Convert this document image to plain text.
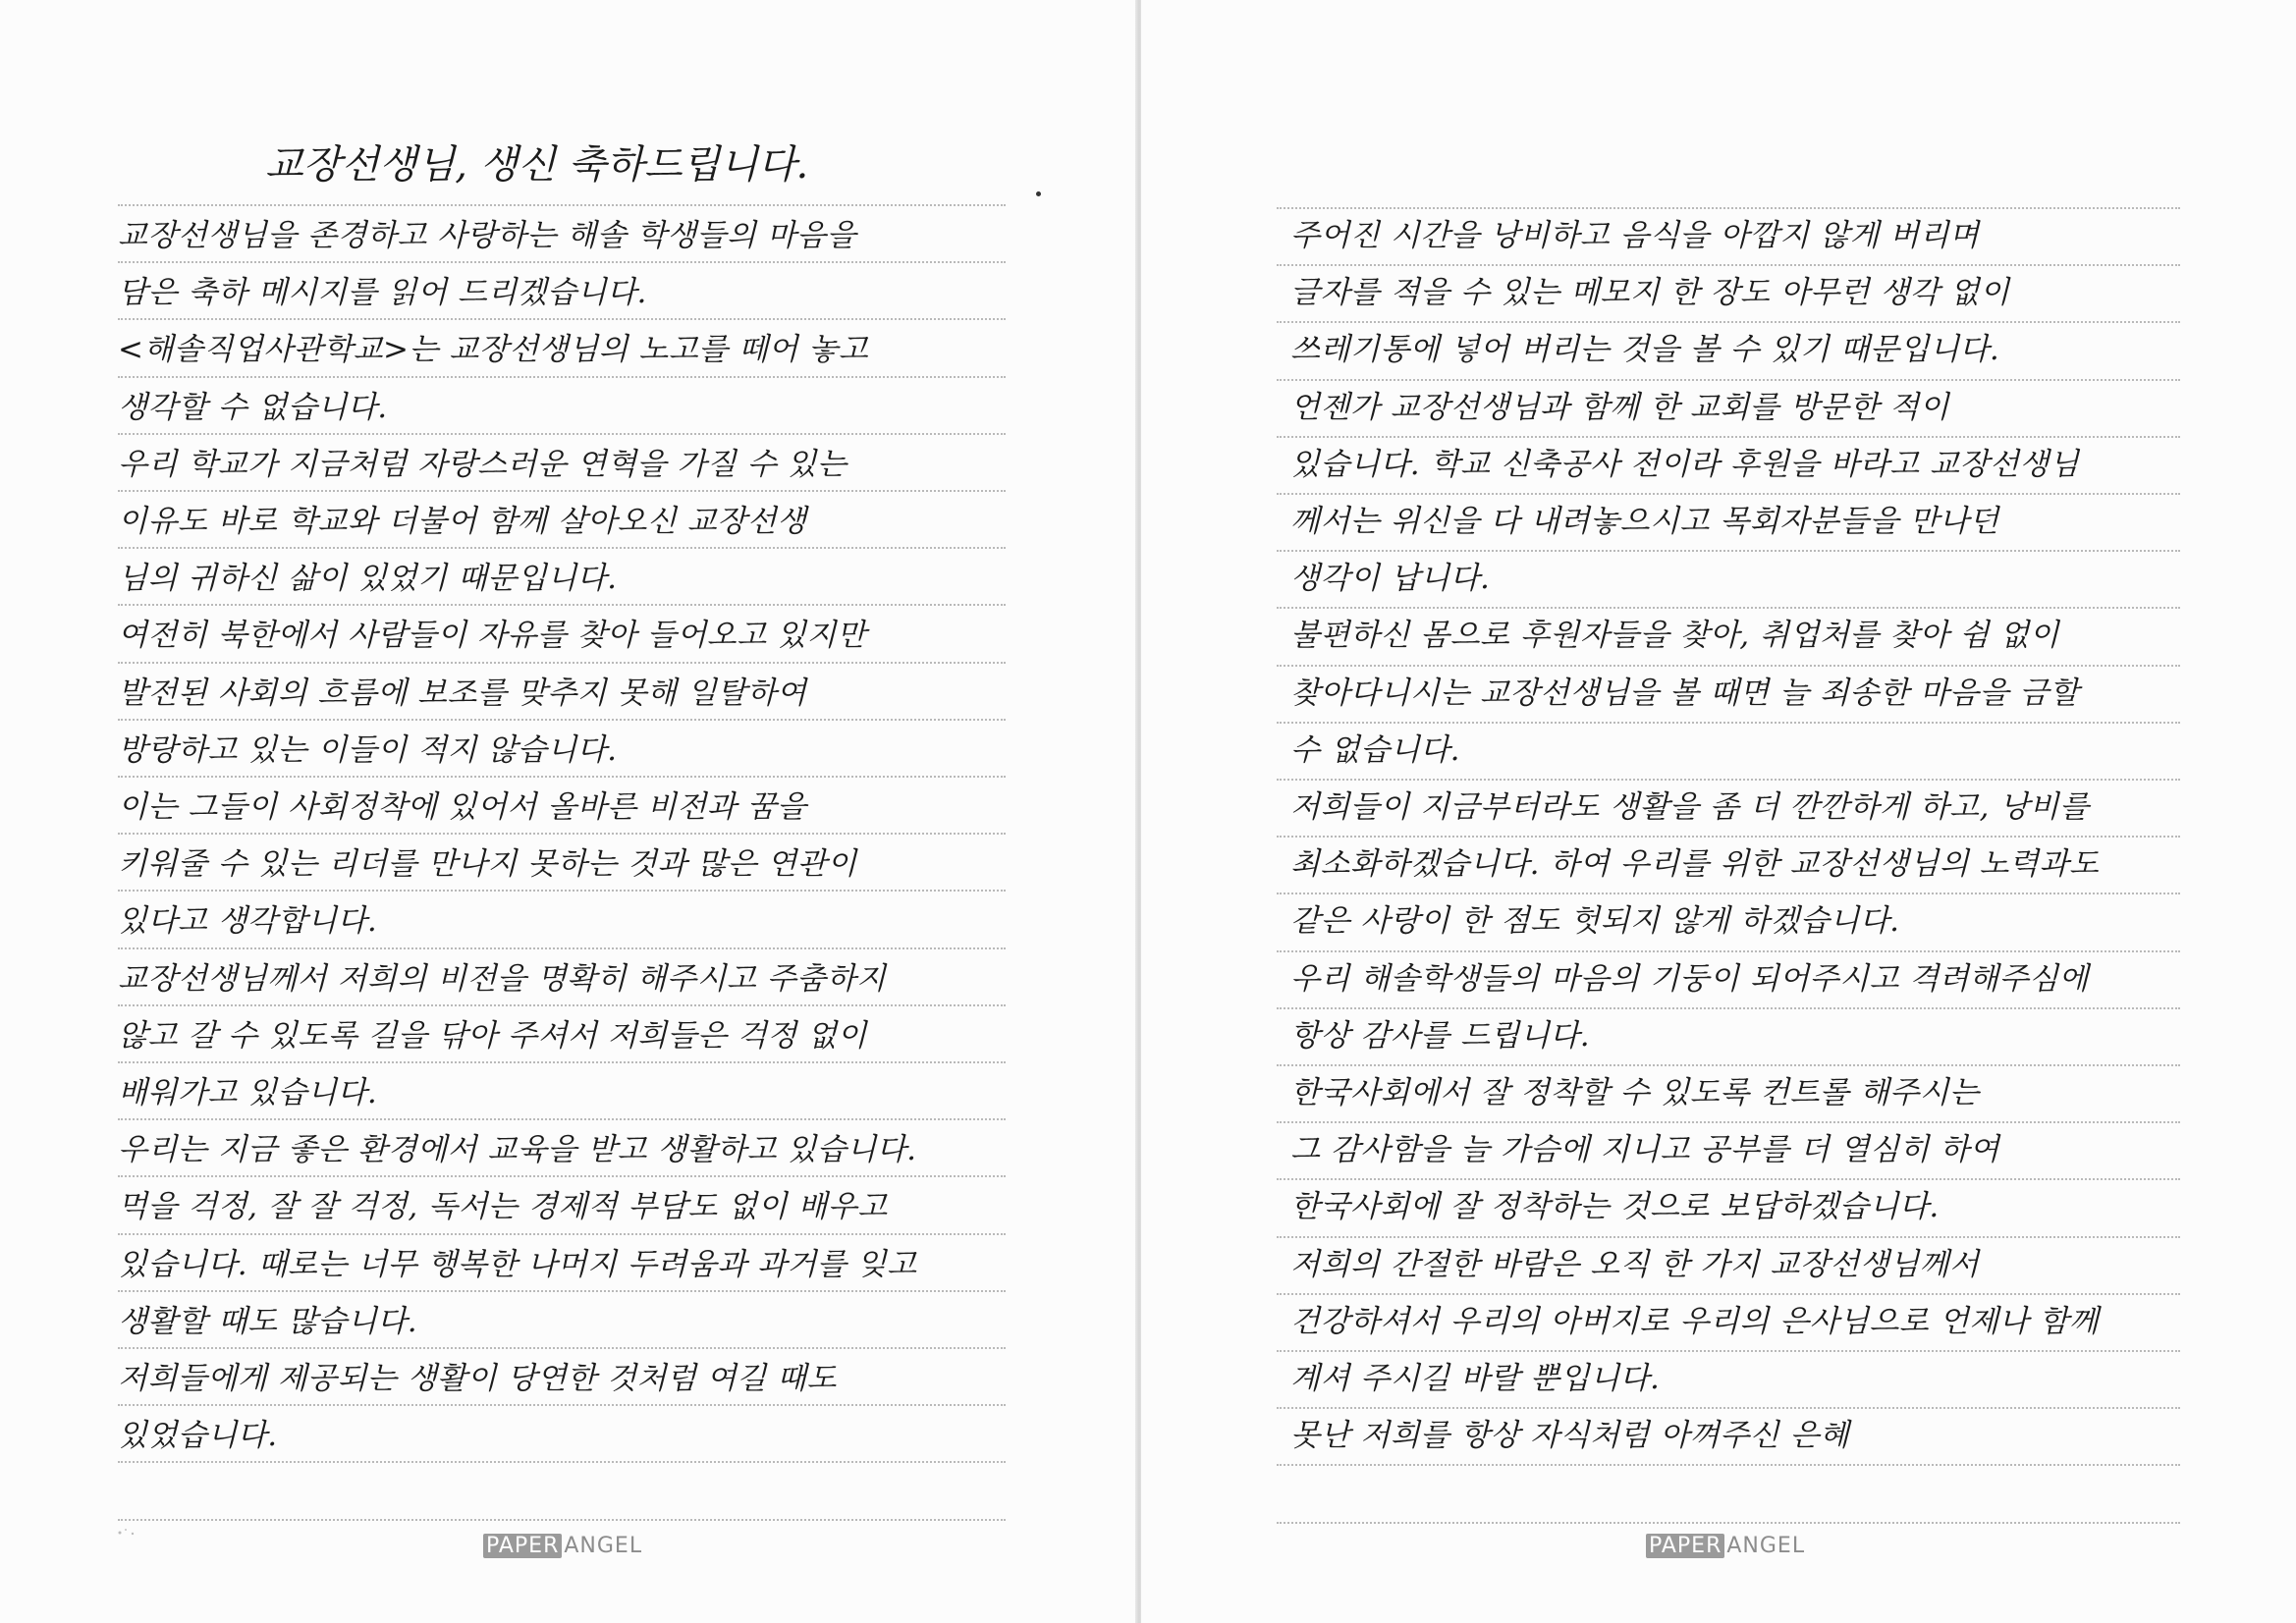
교장선생님, 생신 축하드립니다.
교장선생님을 존경하고 사랑하는 해솔 학생들의 마음을
담은 축하 메시지를 읽어 드리겠습니다.
<해솔직업사관학교>는 교장선생님의 노고를 떼어 놓고
생각할 수 없습니다.
우리 학교가 지금처럼 자랑스러운 연혁을 가질 수 있는
이유도 바로 학교와 더불어 함께 살아오신 교장선생
님의 귀하신 삶이 있었기 때문입니다.
여전히 북한에서 사람들이 자유를 찾아 들어오고 있지만
발전된 사회의 흐름에 보조를 맞추지 못해 일탈하여
방랑하고 있는 이들이 적지 않습니다.
이는 그들이 사회정착에 있어서 올바른 비전과 꿈을
키워줄 수 있는 리더를 만나지 못하는 것과 많은 연관이
있다고 생각합니다.
교장선생님께서 저희의 비전을 명확히 해주시고 주춤하지
않고 갈 수 있도록 길을 닦아 주셔서 저희들은 걱정 없이
배워가고 있습니다.
우리는 지금 좋은 환경에서 교육을 받고 생활하고 있습니다.
먹을 걱정, 잘 잘 걱정, 독서는 경제적 부담도 없이 배우고
있습니다. 때로는 너무 행복한 나머지 두려움과 과거를 잊고
생활할 때도 많습니다.
저희들에게 제공되는 생활이 당연한 것처럼 여길 때도
있었습니다.
PAPER ANGEL
주어진 시간을 낭비하고 음식을 아깝지 않게 버리며
글자를 적을 수 있는 메모지 한 장도 아무런 생각 없이
쓰레기통에 넣어 버리는 것을 볼 수 있기 때문입니다.
언젠가 교장선생님과 함께 한 교회를 방문한 적이
있습니다. 학교 신축공사 전이라 후원을 바라고 교장선생님
께서는 위신을 다 내려놓으시고 목회자분들을 만나던
생각이 납니다.
불편하신 몸으로 후원자들을 찾아, 취업처를 찾아 쉼 없이
찾아다니시는 교장선생님을 볼 때면 늘 죄송한 마음을 금할
수 없습니다.
저희들이 지금부터라도 생활을 좀 더 깐깐하게 하고, 낭비를
최소화하겠습니다. 하여 우리를 위한 교장선생님의 노력과도
같은 사랑이 한 점도 헛되지 않게 하겠습니다.
우리 해솔학생들의 마음의 기둥이 되어주시고 격려해주심에
항상 감사를 드립니다.
한국사회에서 잘 정착할 수 있도록 컨트롤 해주시는
그 감사함을 늘 가슴에 지니고 공부를 더 열심히 하여
한국사회에 잘 정착하는 것으로 보답하겠습니다.
저희의 간절한 바람은 오직 한 가지 교장선생님께서
건강하셔서 우리의 아버지로 우리의 은사님으로 언제나 함께
계셔 주시길 바랄 뿐입니다.
못난 저희를 항상 자식처럼 아껴주신 은혜
PAPER ANGEL
